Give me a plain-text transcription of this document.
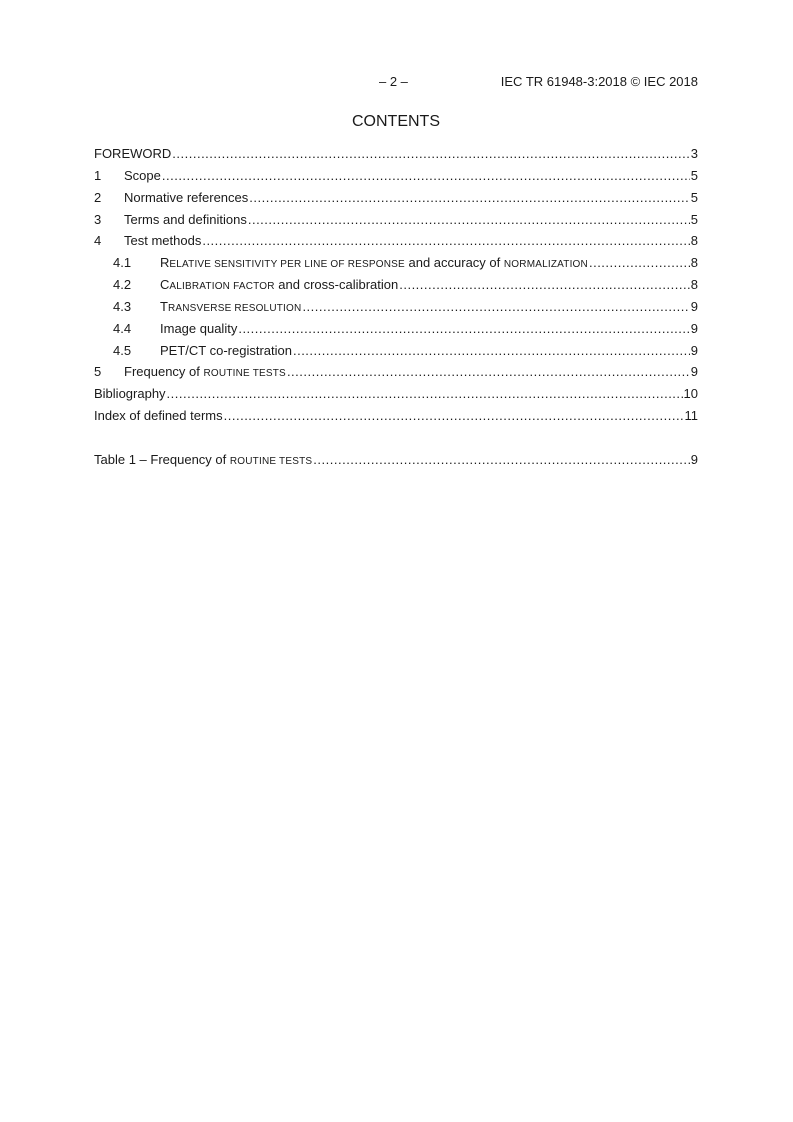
– 2 –	IEC TR 61948-3:2018 © IEC 2018
CONTENTS
FOREWORD .....	3
1	Scope .....	5
2	Normative references .....	5
3	Terms and definitions .....	5
4	Test methods .....	8
4.1	RELATIVE SENSITIVITY PER LINE OF RESPONSE and accuracy of NORMALIZATION .....	8
4.2	CALIBRATION FACTOR and cross-calibration .....	8
4.3	TRANSVERSE RESOLUTION .....	9
4.4	Image quality .....	9
4.5	PET/CT co-registration .....	9
5	Frequency of ROUTINE TESTS .....	9
Bibliography .....	10
Index of defined terms .....	11
Table 1 – Frequency of ROUTINE TESTS .....	9
